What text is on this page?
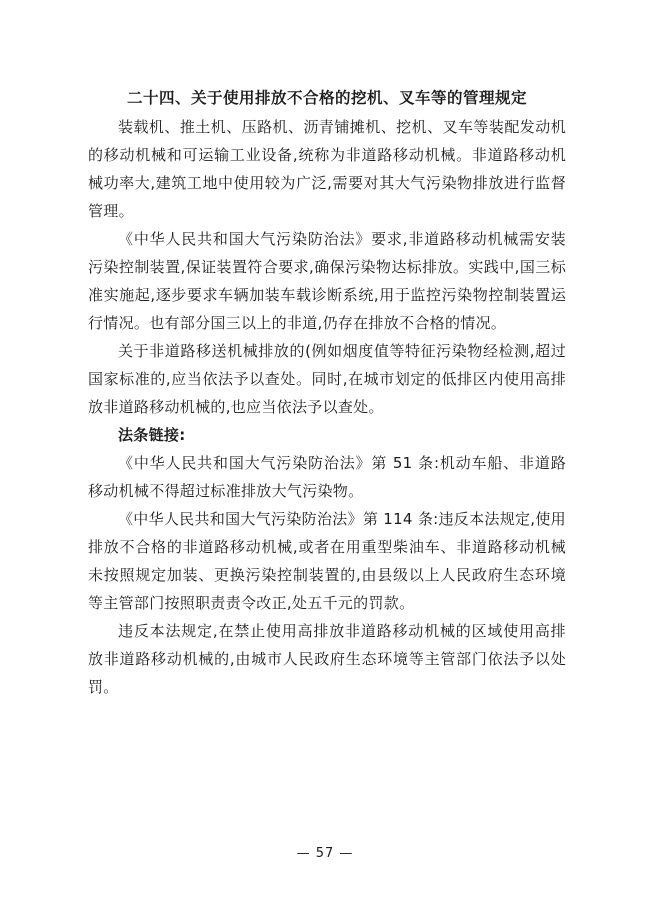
二十四、关于使用排放不合格的挖机、叉车等的管理规定

装载机、推土机、压路机、沥青铺摊机、挖机、叉车等装配发动机的移动机械和可运输工业设备,统称为非道路移动机械。非道路移动机械功率大,建筑工地中使用较为广泛,需要对其大气污染物排放进行监督管理。

《中华人民共和国大气污染防治法》要求,非道路移动机械需安装污染控制装置,保证装置符合要求,确保污染物达标排放。实践中,国三标准实施起,逐步要求车辆加装车载诊断系统,用于监控污染物控制装置运行情况。也有部分国三以上的非道,仍存在排放不合格的情况。

关于非道路移送机械排放的(例如烟度值等特征污染物经检测,超过国家标准的,应当依法予以查处。同时,在城市划定的低排区内使用高排放非道路移动机械的,也应当依法予以查处。

法条链接:

《中华人民共和国大气污染防治法》第 51 条:机动车船、非道路移动机械不得超过标准排放大气污染物。

《中华人民共和国大气污染防治法》第 114 条:违反本法规定,使用排放不合格的非道路移动机械,或者在用重型柴油车、非道路移动机械未按照规定加装、更换污染控制装置的,由县级以上人民政府生态环境等主管部门按照职责责令改正,处五千元的罚款。

违反本法规定,在禁止使用高排放非道路移动机械的区域使用高排放非道路移动机械的,由城市人民政府生态环境等主管部门依法予以处罚。

— 57 —
